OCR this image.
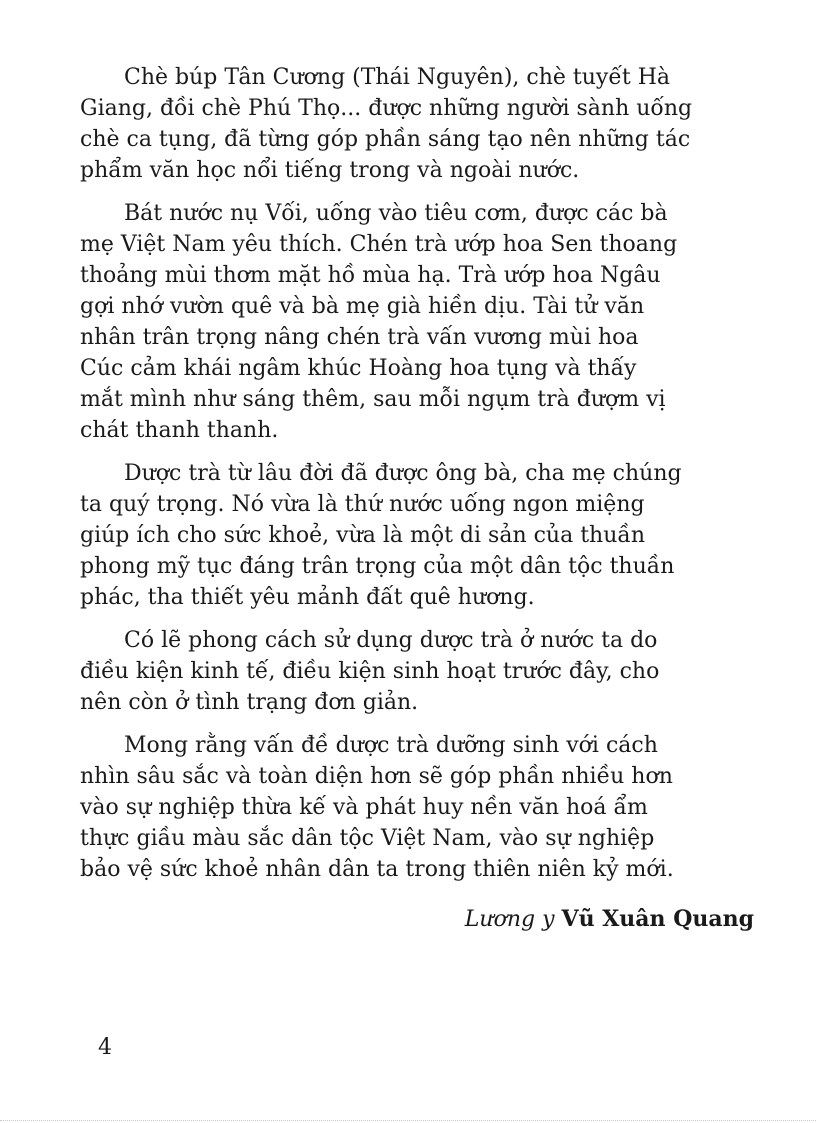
Chè búp Tân Cương (Thái Nguyên), chè tuyết Hà
Giang, đồi chè Phú Thọ... được những người sành uống
chè ca tụng, đã từng góp phần sáng tạo nên những tác
phẩm văn học nổi tiếng trong và ngoài nước.

Bát nước nụ Vối, uống vào tiêu cơm, được các bà
mẹ Việt Nam yêu thích. Chén trà ướp hoa Sen thoang
thoảng mùi thơm mặt hồ mùa hạ. Trà ướp hoa Ngâu
gợi nhớ vườn quê và bà mẹ già hiền dịu. Tài tử văn
nhân trân trọng nâng chén trà vấn vương mùi hoa
Cúc cảm khái ngâm khúc Hoàng hoa tụng và thấy
mắt mình như sáng thêm, sau mỗi ngụm trà đượm vị
chát thanh thanh.

Dược trà từ lâu đời đã được ông bà, cha mẹ chúng
ta quý trọng. Nó vừa là thứ nước uống ngon miệng
giúp ích cho sức khoẻ, vừa là một di sản của thuần
phong mỹ tục đáng trân trọng của một dân tộc thuần
phác, tha thiết yêu mảnh đất quê hương.

Có lẽ phong cách sử dụng dược trà ở nước ta do
điều kiện kinh tế, điều kiện sinh hoạt trước đây, cho
nên còn ở tình trạng đơn giản.

Mong rằng vấn đề dược trà dưỡng sinh với cách
nhìn sâu sắc và toàn diện hơn sẽ góp phần nhiều hơn
vào sự nghiệp thừa kế và phát huy nền văn hoá ẩm
thực giầu màu sắc dân tộc Việt Nam, vào sự nghiệp
bảo vệ sức khoẻ nhân dân ta trong thiên niên kỷ mới.

Lương y Vũ Xuân Quang
4
